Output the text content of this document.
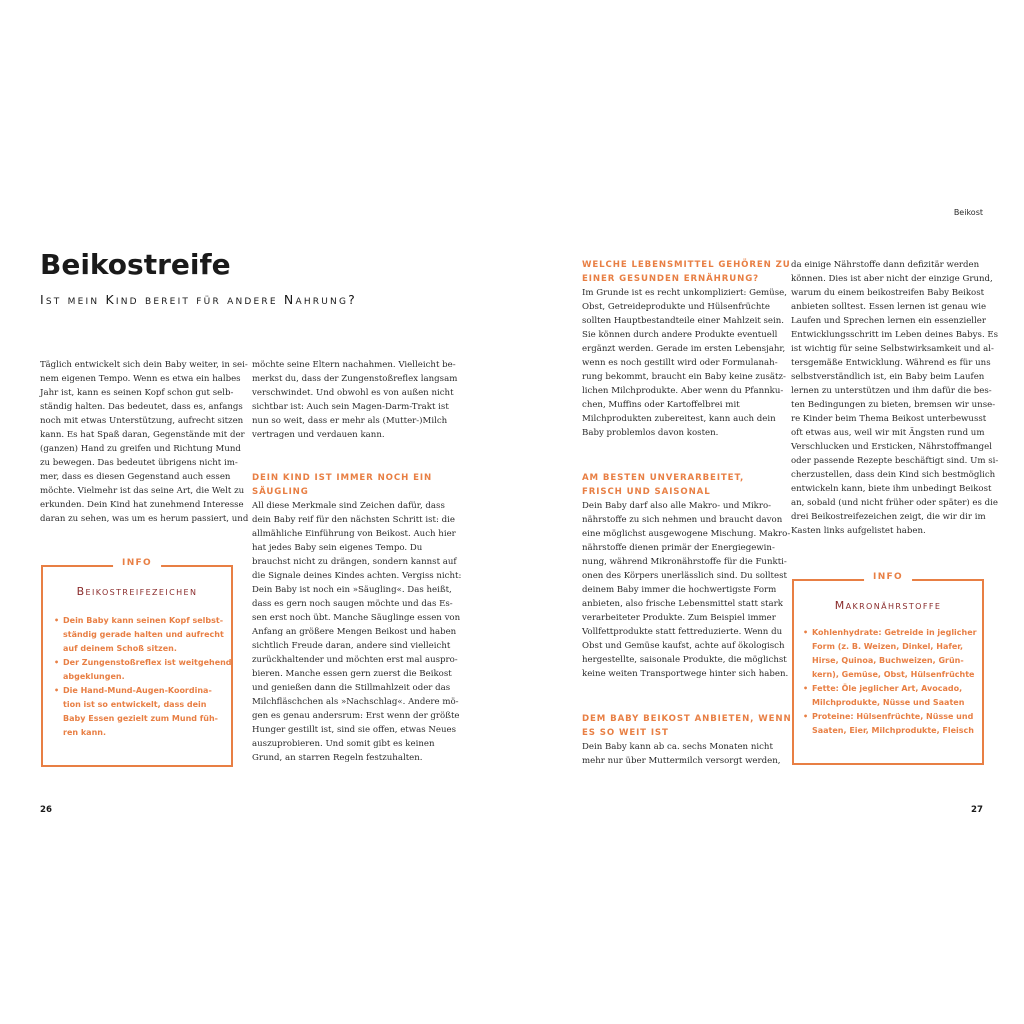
Beikost
Beikostreife
Ist mein Kind bereit für andere Nahrung?
Täglich entwickelt sich dein Baby weiter, in sei-
nem eigenen Tempo. Wenn es etwa ein halbes
Jahr ist, kann es seinen Kopf schon gut selb-
ständig halten. Das bedeutet, dass es, anfangs
noch mit etwas Unterstützung, aufrecht sitzen
kann. Es hat Spaß daran, Gegenstände mit der
(ganzen) Hand zu greifen und Richtung Mund
zu bewegen. Das bedeutet übrigens nicht im-
mer, dass es diesen Gegenstand auch essen
möchte. Vielmehr ist das seine Art, die Welt zu
erkunden. Dein Kind hat zunehmend Interesse
daran zu sehen, was um es herum passiert, und
INFO
Beikostreifezeichen
• Dein Baby kann seinen Kopf selbst-
ständig gerade halten und aufrecht
auf deinem Schoß sitzen.
• Der Zungenstoßreflex ist weitgehend
abgeklungen.
• Die Hand-Mund-Augen-Koordina-
tion ist so entwickelt, dass dein
Baby Essen gezielt zum Mund füh-
ren kann.
möchte seine Eltern nachahmen. Vielleicht be-
merkst du, dass der Zungenstoßreflex langsam
verschwindet. Und obwohl es von außen nicht
sichtbar ist: Auch sein Magen-Darm-Trakt ist
nun so weit, dass er mehr als (Mutter-)Milch
vertragen und verdauen kann.
DEIN KIND IST IMMER NOCH EIN
SÄUGLING
All diese Merkmale sind Zeichen dafür, dass
dein Baby reif für den nächsten Schritt ist: die
allmähliche Einführung von Beikost. Auch hier
hat jedes Baby sein eigenes Tempo. Du
brauchst nicht zu drängen, sondern kannst auf
die Signale deines Kindes achten. Vergiss nicht:
Dein Baby ist noch ein »Säugling«. Das heißt,
dass es gern noch saugen möchte und das Es-
sen erst noch übt. Manche Säuglinge essen von
Anfang an größere Mengen Beikost und haben
sichtlich Freude daran, andere sind vielleicht
zurückhaltender und möchten erst mal auspro-
bieren. Manche essen gern zuerst die Beikost
und genießen dann die Stillmahlzeit oder das
Milchfläschchen als »Nachschlag«. Andere mö-
gen es genau andersrum: Erst wenn der größte
Hunger gestillt ist, sind sie offen, etwas Neues
auszuprobieren. Und somit gibt es keinen
Grund, an starren Regeln festzuhalten.
WELCHE LEBENSMITTEL GEHÖREN ZU
EINER GESUNDEN ERNÄHRUNG?
Im Grunde ist es recht unkompliziert: Gemüse,
Obst, Getreideprodukte und Hülsenfrüchte
sollten Hauptbestandteile einer Mahlzeit sein.
Sie können durch andere Produkte eventuell
ergänzt werden. Gerade im ersten Lebensjahr,
wenn es noch gestillt wird oder Formulanah-
rung bekommt, braucht ein Baby keine zusätz-
lichen Milchprodukte. Aber wenn du Pfannku-
chen, Muffins oder Kartoffelbrei mit
Milchprodukten zubereitest, kann auch dein
Baby problemlos davon kosten.
AM BESTEN UNVERARBEITET,
FRISCH UND SAISONAL
Dein Baby darf also alle Makro- und Mikro-
nährstoffe zu sich nehmen und braucht davon
eine möglichst ausgewogene Mischung. Makro-
nährstoffe dienen primär der Energiegewin-
nung, während Mikronährstoffe für die Funkti-
onen des Körpers unerlässlich sind. Du solltest
deinem Baby immer die hochwertigste Form
anbieten, also frische Lebensmittel statt stark
verarbeiteter Produkte. Zum Beispiel immer
Vollfettprodukte statt fettreduzierte. Wenn du
Obst und Gemüse kaufst, achte auf ökologisch
hergestellte, saisonale Produkte, die möglichst
keine weiten Transportwege hinter sich haben.
DEM BABY BEIKOST ANBIETEN, WENN
ES SO WEIT IST
Dein Baby kann ab ca. sechs Monaten nicht
mehr nur über Muttermilch versorgt werden,
da einige Nährstoffe dann defizitär werden
können. Dies ist aber nicht der einzige Grund,
warum du einem beikostreifen Baby Beikost
anbieten solltest. Essen lernen ist genau wie
Laufen und Sprechen lernen ein essenzieller
Entwicklungsschritt im Leben deines Babys. Es
ist wichtig für seine Selbstwirksamkeit und al-
tersgemäße Entwicklung. Während es für uns
selbstverständlich ist, ein Baby beim Laufen
lernen zu unterstützen und ihm dafür die bes-
ten Bedingungen zu bieten, bremsen wir unse-
re Kinder beim Thema Beikost unterbewusst
oft etwas aus, weil wir mit Ängsten rund um
Verschlucken und Ersticken, Nährstoffmangel
oder passende Rezepte beschäftigt sind. Um si-
cherzustellen, dass dein Kind sich bestmöglich
entwickeln kann, biete ihm unbedingt Beikost
an, sobald (und nicht früher oder später) es die
drei Beikostreifezeichen zeigt, die wir dir im
Kasten links aufgelistet haben.
INFO
Makronährstoffe
• Kohlenhydrate: Getreide in jeglicher
Form (z. B. Weizen, Dinkel, Hafer,
Hirse, Quinoa, Buchweizen, Grün-
kern), Gemüse, Obst, Hülsenfrüchte
• Fette: Öle jeglicher Art, Avocado,
Milchprodukte, Nüsse und Saaten
• Proteine: Hülsenfrüchte, Nüsse und
Saaten, Eier, Milchprodukte, Fleisch
26	27
